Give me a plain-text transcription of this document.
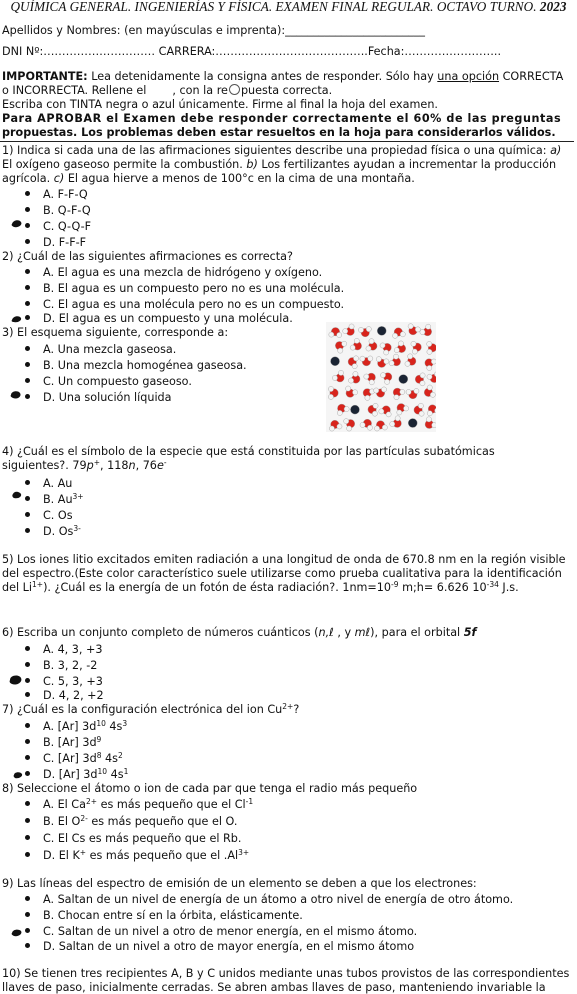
QUÍMICA GENERAL. INGENIERÍAS Y FÍSICA. EXAMEN FINAL REGULAR. OCTAVO TURNO. 2023
Apellidos y Nombres: (en mayúsculas e imprenta):_________________________
DNI Nº:………………………… CARRERA:…………………………………..Fecha:……………………..
IMPORTANTE: Lea detenidamente la consigna antes de responder. Sólo hay una opción CORRECTA
o INCORRECTA. Rellene el , con la re puesta correcta.
Escriba con TINTA negra o azul únicamente. Firme al final la hoja del examen.
Para APROBAR el Examen debe responder correctamente el 60% de las preguntas
propuestas. Los problemas deben estar resueltos en la hoja para considerarlos válidos.
1) Indica si cada una de las afirmaciones siguientes describe una propiedad física o una química: a)
El oxígeno gaseoso permite la combustión. b) Los fertilizantes ayudan a incrementar la producción
agrícola. c) El agua hierve a menos de 100°c en la cima de una montaña.
A. F-F-Q
B. Q-F-Q
C. Q-Q-F
D. F-F-F
2) ¿Cuál de las siguientes afirmaciones es correcta?
A. El agua es una mezcla de hidrógeno y oxígeno.
B. El agua es un compuesto pero no es una molécula.
C. El agua es una molécula pero no es un compuesto.
D. El agua es un compuesto y una molécula.
3) El esquema siguiente, corresponde a:
A. Una mezcla gaseosa.
B. Una mezcla homogénea gaseosa.
C. Un compuesto gaseoso.
D. Una solución líquida
4) ¿Cuál es el símbolo de la especie que está constituida por las partículas subatómicas
siguientes?. 79p+, 118n, 76e-
A. Au
B. $Au^{3+}$
C. Os
D. $Os^{3-}$
5) Los iones litio excitados emiten radiación a una longitud de onda de 670.8 nm en la región visible
del espectro.(Este color característico suele utilizarse como prueba cualitativa para la identificación
del $Li^{1+}$). ¿Cuál es la energía de un fotón de ésta radiación?. $1nm=10^{-9}$ m;h= 6.626 $10^{-34}$ J.s.
6) Escriba un conjunto completo de números cuánticos (n,ℓ , y mℓ), para el orbital 5f
A. 4, 3, +3
B. 3, 2, -2
C. 5, 3, +3
D. 4, 2, +2
7) ¿Cuál es la configuración electrónica del ion $Cu^{2+}$?
A. [Ar] $3d^{10}$ $4s^3$
B. [Ar] $3d^9$
C. [Ar] $3d^8$ $4s^2$
D. [Ar] $3d^{10}$ $4s^1$
8) Seleccione el átomo o ion de cada par que tenga el radio más pequeño
A. El $Ca^{2+}$ es más pequeño que el $Cl^{-1}$
B. El $O^{2-}$ es más pequeño que el O.
C. El Cs es más pequeño que el Rb.
D. El K+ es más pequeño que el $.Al^{3+}$
9) Las líneas del espectro de emisión de un elemento se deben a que los electrones:
A. Saltan de un nivel de energía de un átomo a otro nivel de energía de otro átomo.
B. Chocan entre sí en la órbita, elásticamente.
C. Saltan de un nivel a otro de menor energía, en el mismo átomo.
D. Saltan de un nivel a otro de mayor energía, en el mismo átomo
10) Se tienen tres recipientes A, B y C unidos mediante unas tubos provistos de las correspondientes
llaves de paso, inicialmente cerradas. Se abren ambas llaves de paso, manteniendo invariable la
